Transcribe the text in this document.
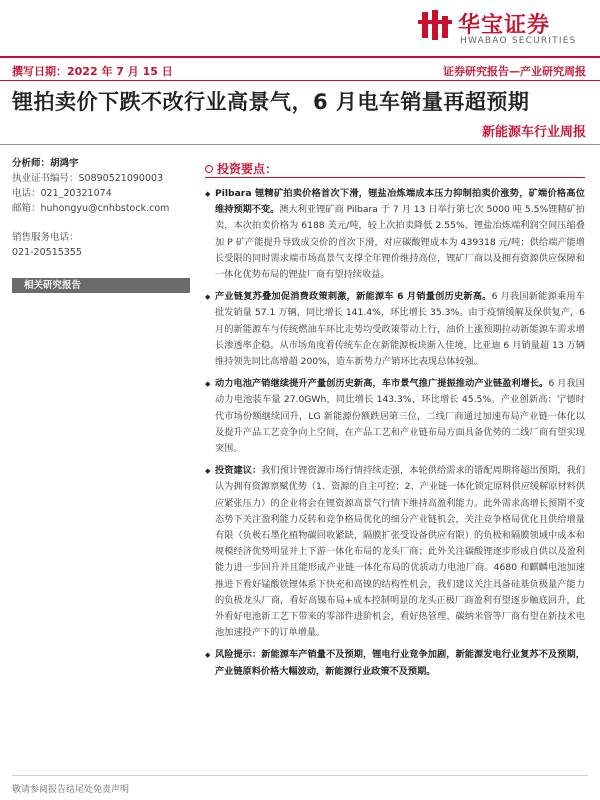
华宝证券
HWABAO SECURITIES
撰写日期：2022 年 7 月 15 日	证券研究报告—产业研究周报
锂拍卖价下跌不改行业高景气，6 月电车销量再超预期
新能源车行业周报
分析师：胡鸿宇
执业证书编号：S0890521090003
电话：021_20321074
邮箱：huhongyu@cnhbstock.com
销售服务电话：
021-20515355
相关研究报告
投资要点：
◆ Pilbara 锂精矿拍卖价格首次下滑，锂盐冶炼端成本压力抑制拍卖价涨势，矿端价格高位维持预期不变。澳大利亚锂矿商 Pilbara 于 7 月 13 日举行第七次 5000 吨 5.5%锂精矿拍卖，本次拍卖价格为 6188 美元/吨，较上次拍卖降低 2.55%。锂盐冶炼端利润空间压缩叠加 P 矿产能提升导致成交价的首次下滑，对应碳酸锂成本为 439318 元/吨；供给端产能增长受限的同时需求端市场高景气支撑全年锂价维持高位，锂矿厂商以及拥有资源供应保障和一体化优势布局的锂盐厂商有望持续收益。
◆ 产业链复苏叠加促消费政策刺激，新能源车 6 月销量创历史新高。6 月我国新能源乘用车批发销量 57.1 万辆，同比增长 141.4%，环比增长 35.3%。由于疫情缓解及保供复产，6 月的新能源车与传统燃油车环比走势均受政策带动上行，油价上涨预期拉动新能源车需求增长渗透率企稳。从市场角度看传统车企在新能源板块渐入佳境，比亚迪 6 月销量超 13 万辆维持领先同比高增超 200%，造车新势力产销环比表现总体较强。
◆ 动力电池产销继续提升产量创历史新高，车市景气推广提振推动产业链盈利增长。6 月我国动力电池装车量 27.0GWh，同比增长 143.3%，环比增长 45.5%。产业创新高：宁德时代市场份额继续回升，LG 新能源份额跌居第三位，二线厂商通过加速布局产业链一体化以及提升产品工艺竞争向上空间，在产品工艺和产业链布局方面具备优势的二线厂商有望实现突围。
◆ 投资建议：我们预计锂资源市场行情持续走强，本轮供给需求的错配周期将超出预期，我们认为拥有资源禀赋优势（1、资源的自主可控；2、产业链一体化锁定原料供应缓解原材料供应紧张压力）的企业将会在锂资源高景气行情下维持高盈利能力。此外需求高增长预期不变态势下关注盈利能力反转和竞争格局优化的细分产业链机会，关注竞争格局优化且供给增量有限（负极石墨化植物碳回收紧缺，隔膜扩张受设备供应有限）的负极和隔膜领域中成本和规模经济优势明显并上下游一体化布局的龙头厂商；此外关注碳酸锂逐步形成自供以及盈利能力进一步回升并且能形成产业链一体化布局的优质动力电池厂商。4680 和麒麟电池加速推进下看好锰酸铁锂体系下快充和高镍的结构性机会，我们建议关注具备硅基负极量产能力的负极龙头厂商，看好高镍布局+成本控制明显的龙头正极厂商盈利有望逐步触底回升，此外看好电池新工艺下带来的零部件进阶机会，看好热管理、碳纳米管等厂商有望在新技术电池加速投产下的订单增量。
◆ 风险提示：新能源车产销量不及预期，锂电行业竞争加剧，新能源发电行业复苏不及预期，产业链原料价格大幅波动，新能源行业政策不及预期。
敬请参阅报告结尾处免责声明
